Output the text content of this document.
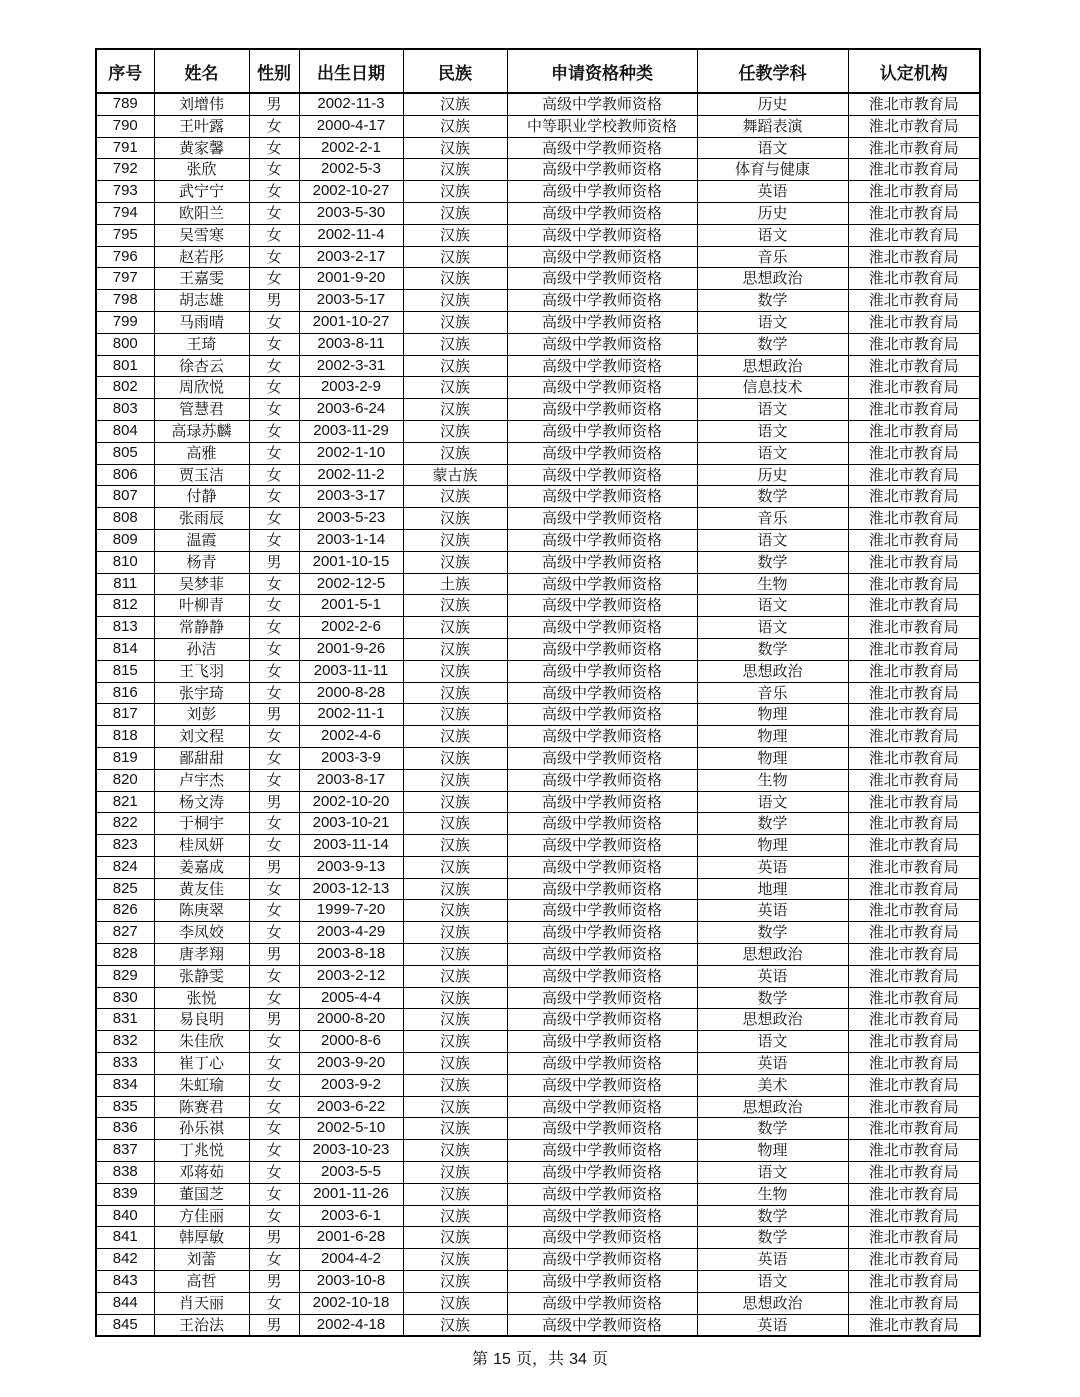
序号	姓名	性别	出生日期	民族	申请资格种类	任教学科	认定机构
789	刘增伟	男	2002-11-3	汉族	高级中学教师资格	历史	淮北市教育局
790	王叶露	女	2000-4-17	汉族	中等职业学校教师资格	舞蹈表演	淮北市教育局
791	黄家馨	女	2002-2-1	汉族	高级中学教师资格	语文	淮北市教育局
792	张欣	女	2002-5-3	汉族	高级中学教师资格	体育与健康	淮北市教育局
793	武宁宁	女	2002-10-27	汉族	高级中学教师资格	英语	淮北市教育局
794	欧阳兰	女	2003-5-30	汉族	高级中学教师资格	历史	淮北市教育局
795	吴雪寒	女	2002-11-4	汉族	高级中学教师资格	语文	淮北市教育局
796	赵若彤	女	2003-2-17	汉族	高级中学教师资格	音乐	淮北市教育局
797	王嘉雯	女	2001-9-20	汉族	高级中学教师资格	思想政治	淮北市教育局
798	胡志雄	男	2003-5-17	汉族	高级中学教师资格	数学	淮北市教育局
799	马雨晴	女	2001-10-27	汉族	高级中学教师资格	语文	淮北市教育局
800	王琦	女	2003-8-11	汉族	高级中学教师资格	数学	淮北市教育局
801	徐杏云	女	2002-3-31	汉族	高级中学教师资格	思想政治	淮北市教育局
802	周欣悦	女	2003-2-9	汉族	高级中学教师资格	信息技术	淮北市教育局
803	管慧君	女	2003-6-24	汉族	高级中学教师资格	语文	淮北市教育局
804	高琭苏麟	女	2003-11-29	汉族	高级中学教师资格	语文	淮北市教育局
805	高雅	女	2002-1-10	汉族	高级中学教师资格	语文	淮北市教育局
806	贾玉洁	女	2002-11-2	蒙古族	高级中学教师资格	历史	淮北市教育局
807	付静	女	2003-3-17	汉族	高级中学教师资格	数学	淮北市教育局
808	张雨辰	女	2003-5-23	汉族	高级中学教师资格	音乐	淮北市教育局
809	温霞	女	2003-1-14	汉族	高级中学教师资格	语文	淮北市教育局
810	杨青	男	2001-10-15	汉族	高级中学教师资格	数学	淮北市教育局
811	吴梦菲	女	2002-12-5	土族	高级中学教师资格	生物	淮北市教育局
812	叶柳青	女	2001-5-1	汉族	高级中学教师资格	语文	淮北市教育局
813	常静静	女	2002-2-6	汉族	高级中学教师资格	语文	淮北市教育局
814	孙洁	女	2001-9-26	汉族	高级中学教师资格	数学	淮北市教育局
815	王飞羽	女	2003-11-11	汉族	高级中学教师资格	思想政治	淮北市教育局
816	张宇琦	女	2000-8-28	汉族	高级中学教师资格	音乐	淮北市教育局
817	刘彭	男	2002-11-1	汉族	高级中学教师资格	物理	淮北市教育局
818	刘文程	女	2002-4-6	汉族	高级中学教师资格	物理	淮北市教育局
819	鄙甜甜	女	2003-3-9	汉族	高级中学教师资格	物理	淮北市教育局
820	卢宇杰	女	2003-8-17	汉族	高级中学教师资格	生物	淮北市教育局
821	杨文涛	男	2002-10-20	汉族	高级中学教师资格	语文	淮北市教育局
822	于桐宇	女	2003-10-21	汉族	高级中学教师资格	数学	淮北市教育局
823	桂凤妍	女	2003-11-14	汉族	高级中学教师资格	物理	淮北市教育局
824	姜嘉成	男	2003-9-13	汉族	高级中学教师资格	英语	淮北市教育局
825	黄友佳	女	2003-12-13	汉族	高级中学教师资格	地理	淮北市教育局
826	陈庚翠	女	1999-7-20	汉族	高级中学教师资格	英语	淮北市教育局
827	李凤姣	女	2003-4-29	汉族	高级中学教师资格	数学	淮北市教育局
828	唐孝翔	男	2003-8-18	汉族	高级中学教师资格	思想政治	淮北市教育局
829	张静雯	女	2003-2-12	汉族	高级中学教师资格	英语	淮北市教育局
830	张悦	女	2005-4-4	汉族	高级中学教师资格	数学	淮北市教育局
831	易良明	男	2000-8-20	汉族	高级中学教师资格	思想政治	淮北市教育局
832	朱佳欣	女	2000-8-6	汉族	高级中学教师资格	语文	淮北市教育局
833	崔丁心	女	2003-9-20	汉族	高级中学教师资格	英语	淮北市教育局
834	朱虹瑜	女	2003-9-2	汉族	高级中学教师资格	美术	淮北市教育局
835	陈赛君	女	2003-6-22	汉族	高级中学教师资格	思想政治	淮北市教育局
836	孙乐祺	女	2002-5-10	汉族	高级中学教师资格	数学	淮北市教育局
837	丁兆悦	女	2003-10-23	汉族	高级中学教师资格	物理	淮北市教育局
838	邓蒋茹	女	2003-5-5	汉族	高级中学教师资格	语文	淮北市教育局
839	董国芝	女	2001-11-26	汉族	高级中学教师资格	生物	淮北市教育局
840	方佳丽	女	2003-6-1	汉族	高级中学教师资格	数学	淮北市教育局
841	韩厚敏	男	2001-6-28	汉族	高级中学教师资格	数学	淮北市教育局
842	刘蕾	女	2004-4-2	汉族	高级中学教师资格	英语	淮北市教育局
843	高哲	男	2003-10-8	汉族	高级中学教师资格	语文	淮北市教育局
844	肖天丽	女	2002-10-18	汉族	高级中学教师资格	思想政治	淮北市教育局
845	王治法	男	2002-4-18	汉族	高级中学教师资格	英语	淮北市教育局
第 15 页，共 34 页
